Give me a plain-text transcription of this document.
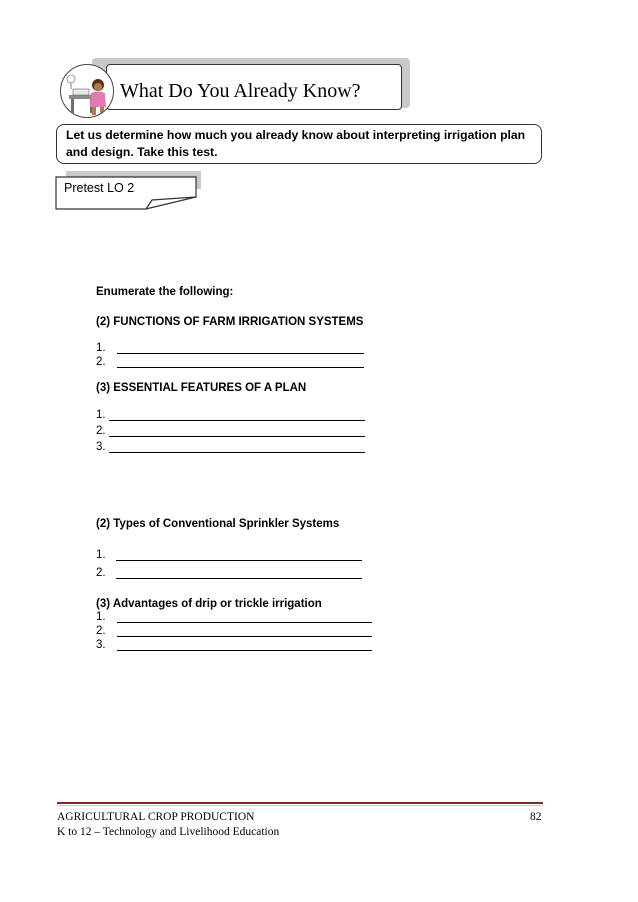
What Do You Already Know?
Let us determine how much you already know about interpreting irrigation plan and design. Take this test.
Pretest LO 2
Enumerate the following:
(2) FUNCTIONS OF FARM IRRIGATION SYSTEMS
1.
2.
(3) ESSENTIAL FEATURES OF A PLAN
1.
2.
3.
(2) Types of Conventional Sprinkler Systems
1.
2.
(3) Advantages of drip or trickle irrigation
1.
2.
3.
AGRICULTURAL CROP PRODUCTION	82
K to 12 – Technology and Livelihood Education
